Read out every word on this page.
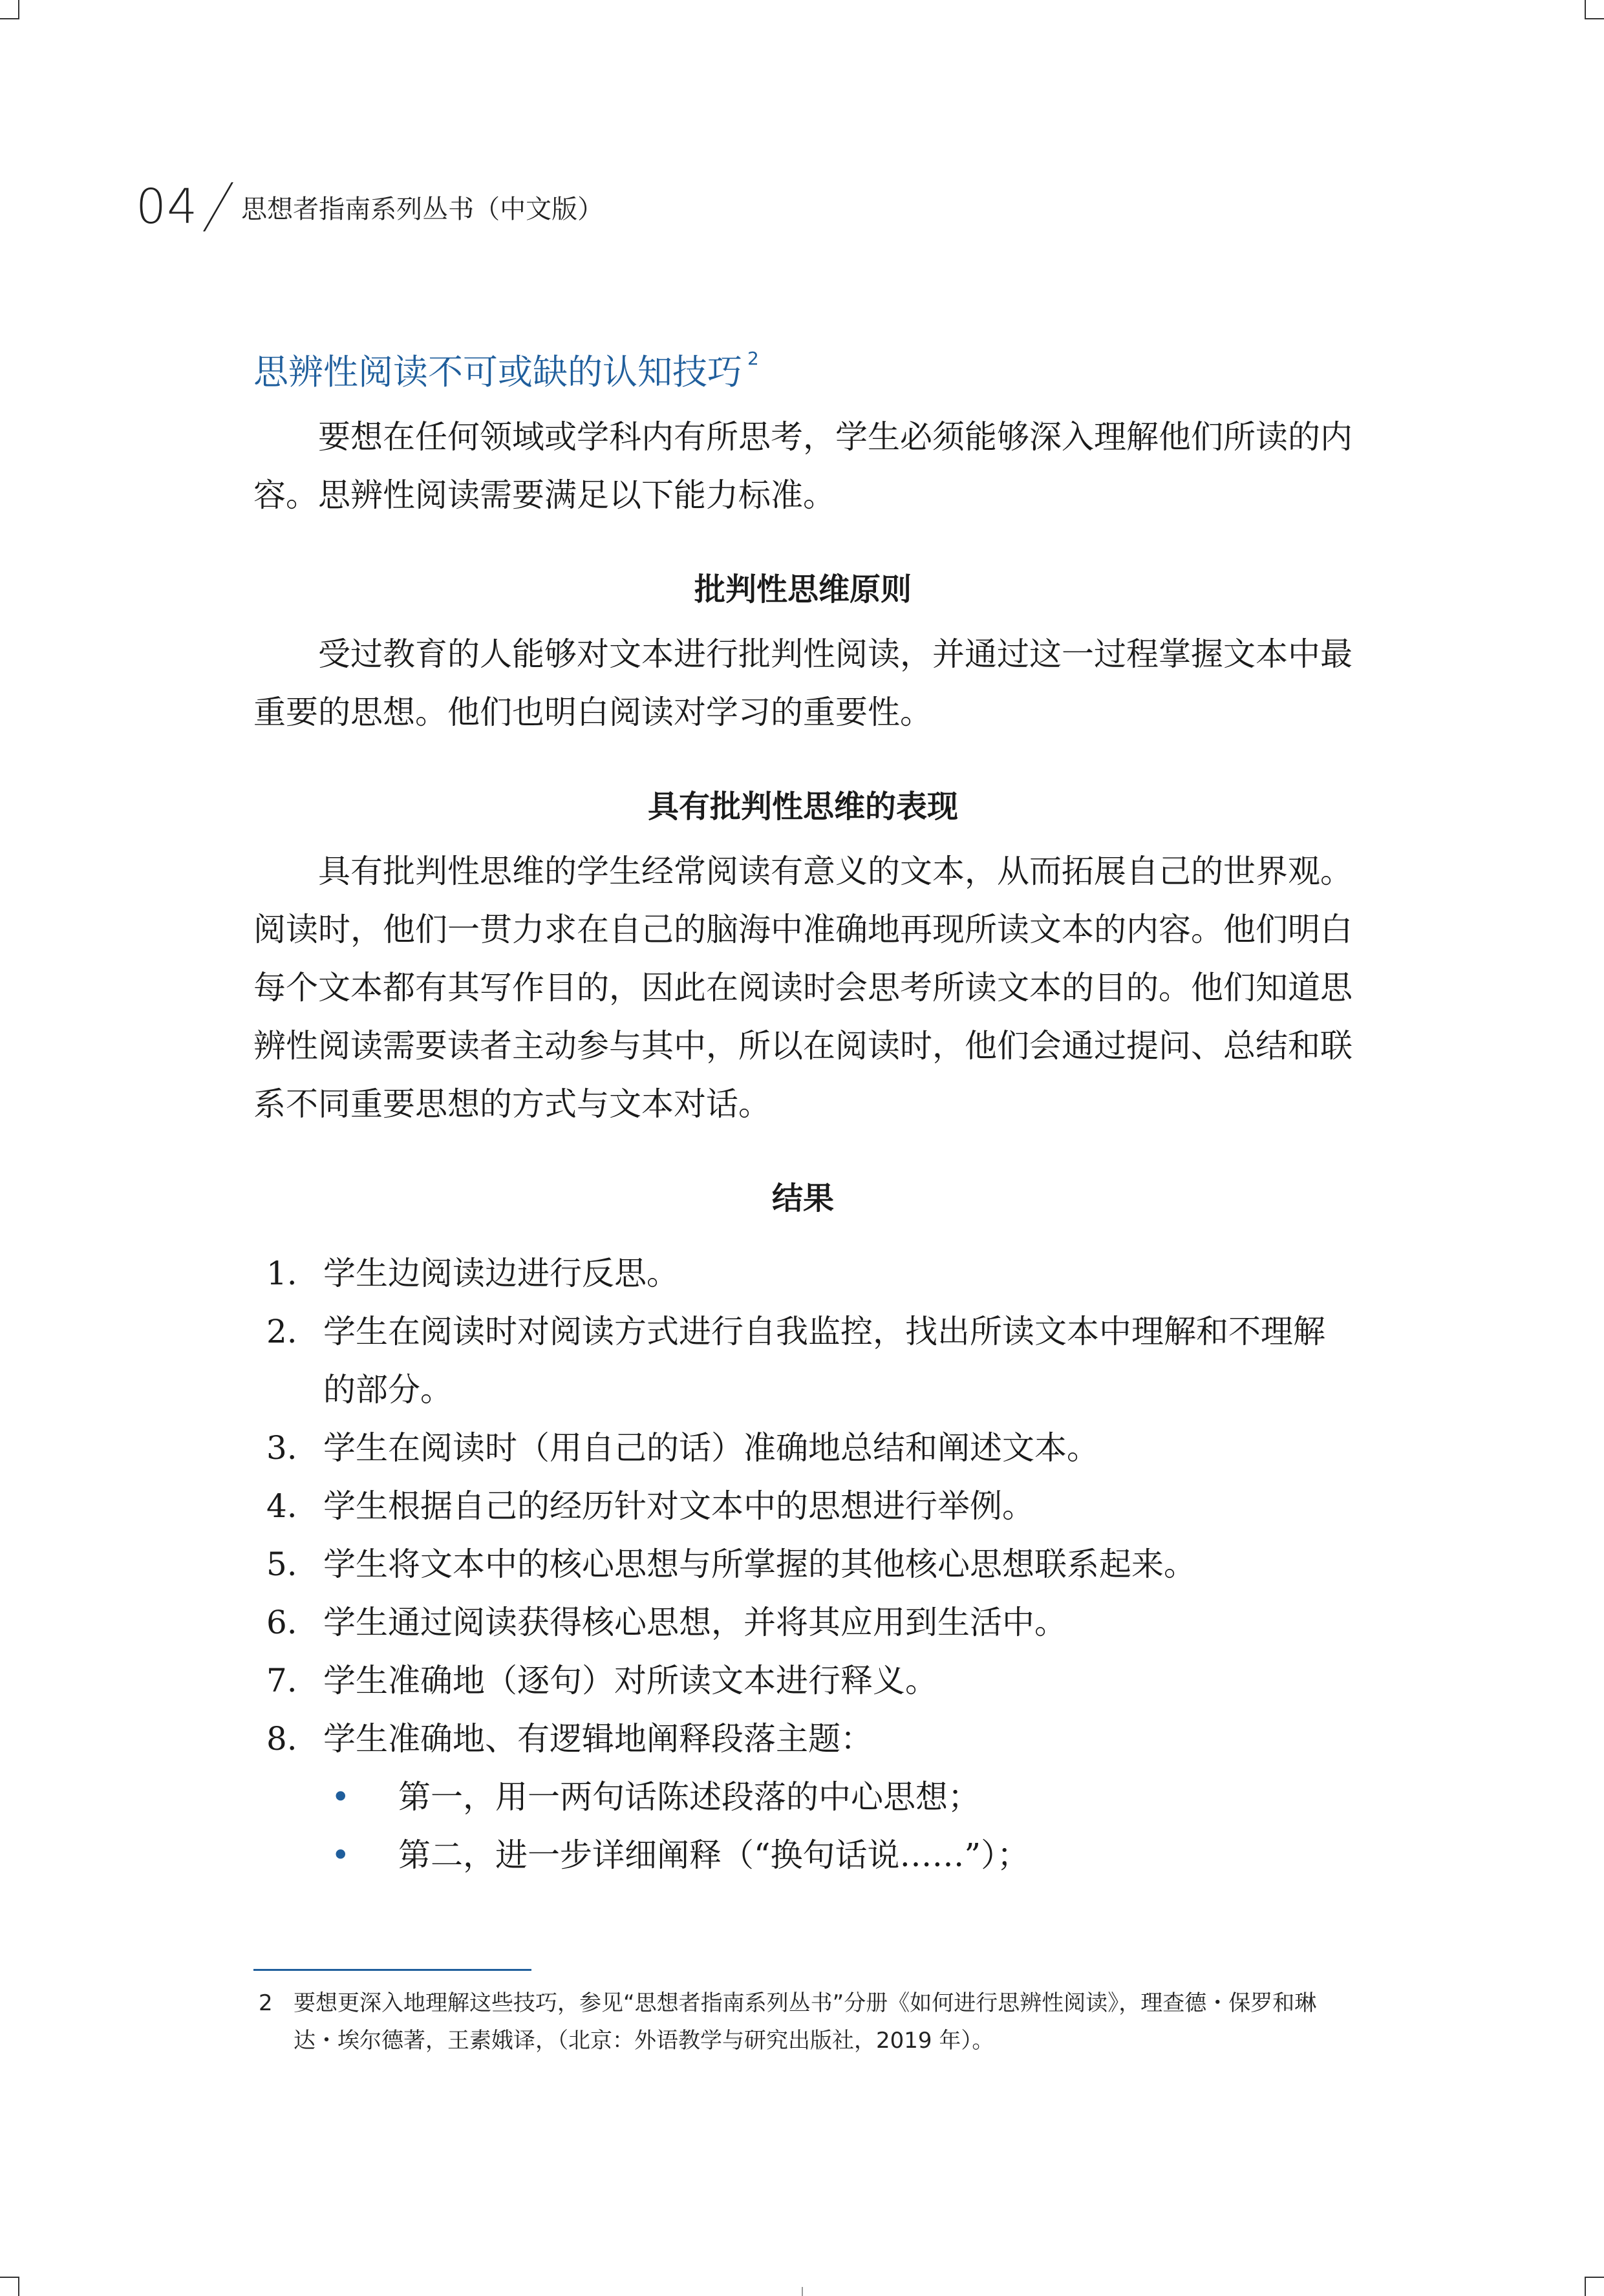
04 思想者指南系列丛书（中文版）
思辨性阅读不可或缺的认知技巧 $^2$

要想在任何领域或学科内有所思考，学生必须能够深入理解他们所读的内容。思辨性阅读需要满足以下能力标准。

批判性思维原则

受过教育的人能够对文本进行批判性阅读，并通过这一过程掌握文本中最重要的思想。他们也明白阅读对学习的重要性。

具有批判性思维的表现

具有批判性思维的学生经常阅读有意义的文本，从而拓展自己的世界观。阅读时，他们一贯力求在自己的脑海中准确地再现所读文本的内容。他们明白每个文本都有其写作目的，因此在阅读时会思考所读文本的目的。他们知道思辨性阅读需要读者主动参与其中，所以在阅读时，他们会通过提问、总结和联系不同重要思想的方式与文本对话。

结果
1. 学生边阅读边进行反思。
2. 学生在阅读时对阅读方式进行自我监控，找出所读文本中理解和不理解的部分。
3. 学生在阅读时（用自己的话）准确地总结和阐述文本。
4. 学生根据自己的经历针对文本中的思想进行举例。
5. 学生将文本中的核心思想与所掌握的其他核心思想联系起来。
6. 学生通过阅读获得核心思想，并将其应用到生活中。
7. 学生准确地（逐句）对所读文本进行释义。
8. 学生准确地、有逻辑地阐释段落主题：
•	第一，用一两句话陈述段落的中心思想；
•	第二，进一步详细阐释（“换句话说……”）；
2 要想更深入地理解这些技巧，参见“思想者指南系列丛书”分册《如何进行思辨性阅读》，理查德・保罗和琳达・埃尔德著，王素娥译，（北京：外语教学与研究出版社，2019 年）。
